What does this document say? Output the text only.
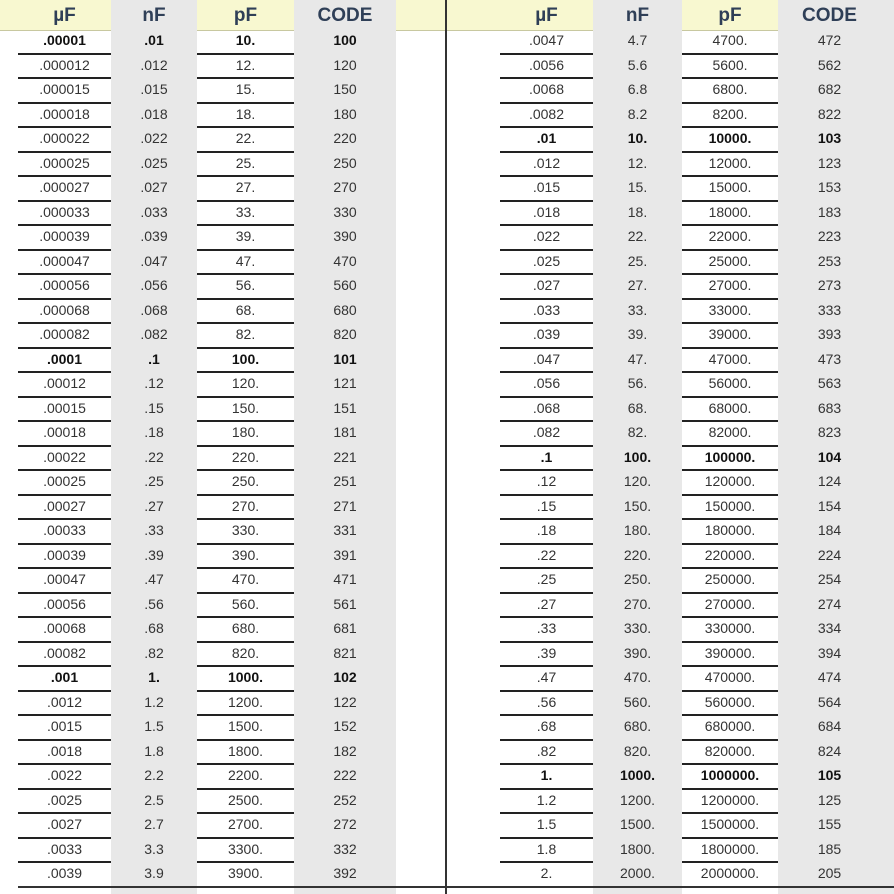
µF	nF	pF	CODE
.00001	.01	10.	100
.000012	.012	12.	120
.000015	.015	15.	150
.000018	.018	18.	180
.000022	.022	22.	220
.000025	.025	25.	250
.000027	.027	27.	270
.000033	.033	33.	330
.000039	.039	39.	390
.000047	.047	47.	470
.000056	.056	56.	560
.000068	.068	68.	680
.000082	.082	82.	820
.0001	.1	100.	101
.00012	.12	120.	121
.00015	.15	150.	151
.00018	.18	180.	181
.00022	.22	220.	221
.00025	.25	250.	251
.00027	.27	270.	271
.00033	.33	330.	331
.00039	.39	390.	391
.00047	.47	470.	471
.00056	.56	560.	561
.00068	.68	680.	681
.00082	.82	820.	821
.001	1.	1000.	102
.0012	1.2	1200.	122
.0015	1.5	1500.	152
.0018	1.8	1800.	182
.0022	2.2	2200.	222
.0025	2.5	2500.	252
.0027	2.7	2700.	272
.0033	3.3	3300.	332
.0039	3.9	3900.	392
µF	nF	pF	CODE
.0047	4.7	4700.	472
.0056	5.6	5600.	562
.0068	6.8	6800.	682
.0082	8.2	8200.	822
.01	10.	10000.	103
.012	12.	12000.	123
.015	15.	15000.	153
.018	18.	18000.	183
.022	22.	22000.	223
.025	25.	25000.	253
.027	27.	27000.	273
.033	33.	33000.	333
.039	39.	39000.	393
.047	47.	47000.	473
.056	56.	56000.	563
.068	68.	68000.	683
.082	82.	82000.	823
.1	100.	100000.	104
.12	120.	120000.	124
.15	150.	150000.	154
.18	180.	180000.	184
.22	220.	220000.	224
.25	250.	250000.	254
.27	270.	270000.	274
.33	330.	330000.	334
.39	390.	390000.	394
.47	470.	470000.	474
.56	560.	560000.	564
.68	680.	680000.	684
.82	820.	820000.	824
1.	1000.	1000000.	105
1.2	1200.	1200000.	125
1.5	1500.	1500000.	155
1.8	1800.	1800000.	185
2.	2000.	2000000.	205
